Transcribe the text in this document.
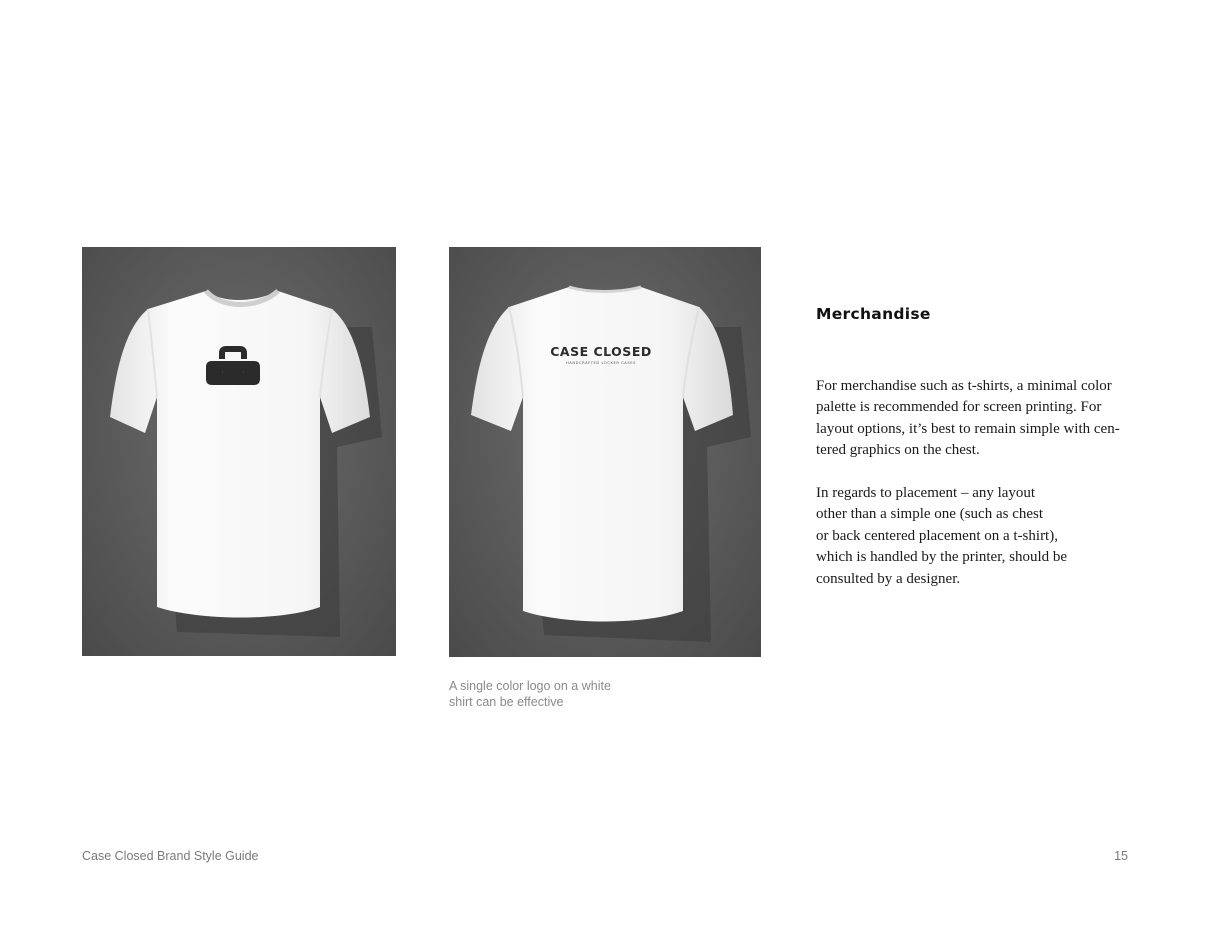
CASE CLOSED
HANDCRAFTED LOCKER CASES
A single color logo on a white
shirt can be effective
Merchandise
For merchandise such as t-shirts, a minimal color
palette is recommended for screen printing. For
layout options, it’s best to remain simple with cen-
tered graphics on the chest.
In regards to placement – any layout
other than a simple one (such as chest
or back centered placement on a t-shirt),
which is handled by the printer, should be
consulted by a designer.
Case Closed Brand Style Guide	15
